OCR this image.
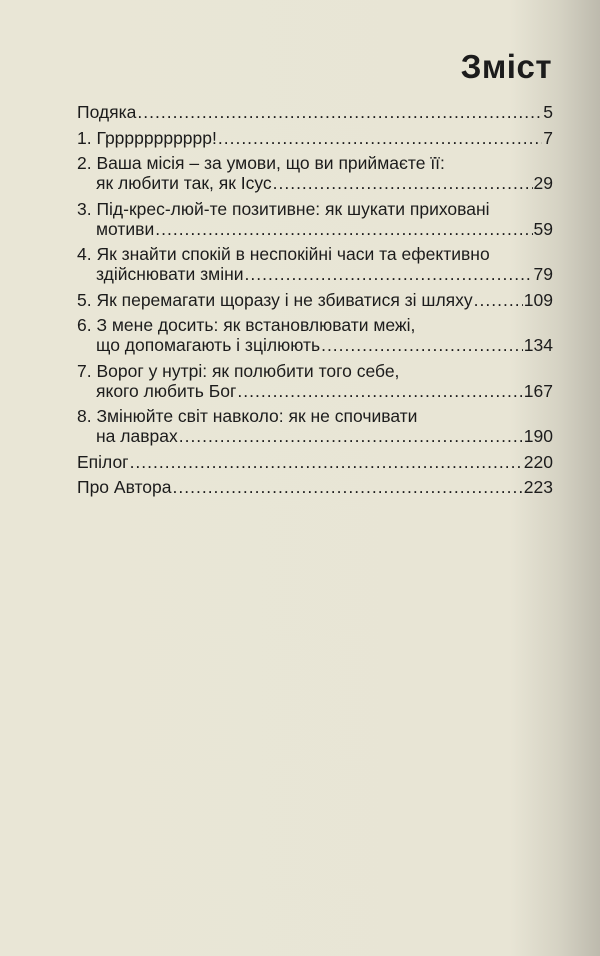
Зміст
Подяка .....	5
1. Гррррррррррр! .....	7
2. Ваша місія – за умови, що ви приймаєте її:
як любити так, як Ісус .....	29
3. Під-крес-люй-те позитивне: як шукати приховані
мотиви .....	59
4. Як знайти спокій в неспокійні часи та ефективно
здійснювати зміни .....	79
5. Як перемагати щоразу і не збиватися зі шляху .....	109
6. З мене досить: як встановлювати межі,
що допомагають і зцілюють .....	134
7. Ворог у нутрі: як полюбити того себе,
якого любить Бог .....	167
8. Змінюйте світ навколо: як не спочивати
на лаврах .....	190
Епілог .....	220
Про Автора .....	223
